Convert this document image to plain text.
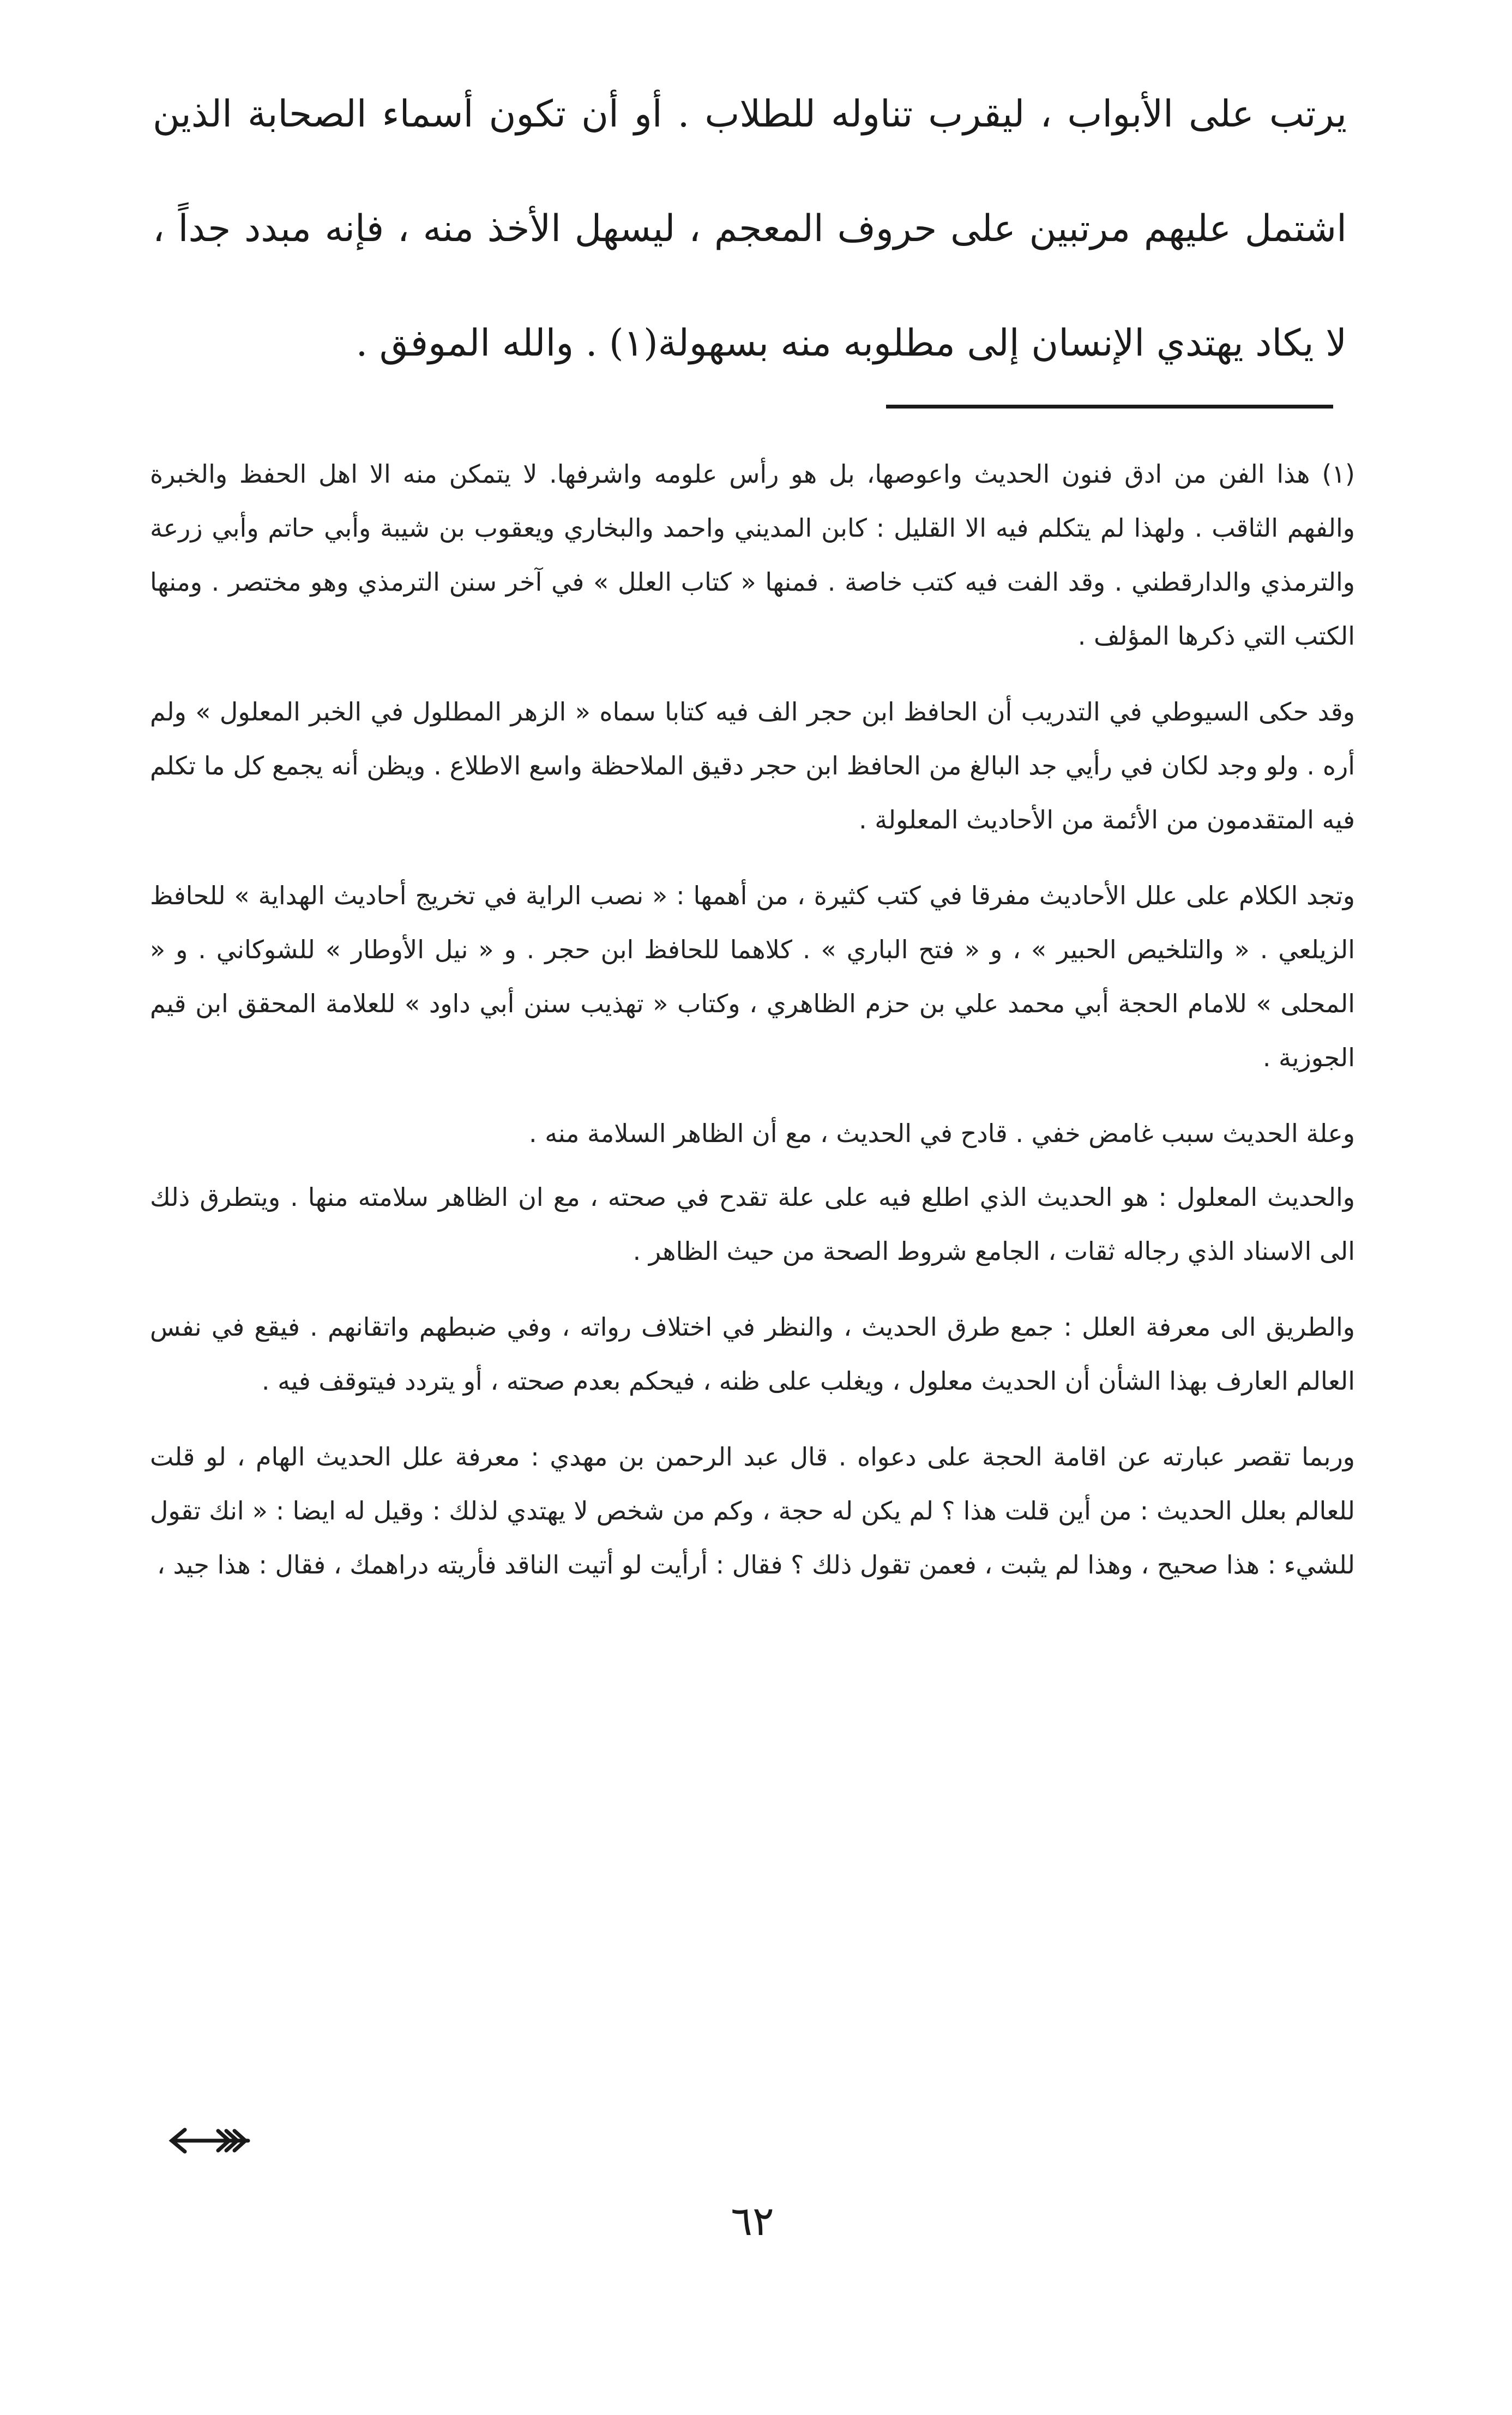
يرتب على الأبواب ، ليقرب تناوله للطلاب . أو أن تكون أسماء الصحابة الذين اشتمل عليهم مرتبين على حروف المعجم ، ليسهل الأخذ منه ، فإنه مبدد جداً ، لا يكاد يهتدي الإنسان إلى مطلوبه منه بسهولة(١) . والله الموفق .

(١) هذا الفن من ادق فنون الحديث واعوصها، بل هو رأس علومه واشرفها. لا يتمكن منه الا اهل الحفظ والخبرة والفهم الثاقب . ولهذا لم يتكلم فيه الا القليل : كابن المديني واحمد والبخاري ويعقوب بن شيبة وأبي حاتم وأبي زرعة والترمذي والدارقطني . وقد الفت فيه كتب خاصة . فمنها « كتاب العلل » في آخر سنن الترمذي وهو مختصر . ومنها الكتب التي ذكرها المؤلف .

وقد حكى السيوطي في التدريب أن الحافظ ابن حجر الف فيه كتابا سماه « الزهر المطلول في الخبر المعلول » ولم أره . ولو وجد لكان في رأيي جد البالغ من الحافظ ابن حجر دقيق الملاحظة واسع الاطلاع . ويظن أنه يجمع كل ما تكلم فيه المتقدمون من الأئمة من الأحاديث المعلولة .

وتجد الكلام على علل الأحاديث مفرقا في كتب كثيرة ، من أهمها : « نصب الراية في تخريج أحاديث الهداية » للحافظ الزيلعي . « والتلخيص الحبير » ، و « فتح الباري » . كلاهما للحافظ ابن حجر . و « نيل الأوطار » للشوكاني . و « المحلى » للامام الحجة أبي محمد علي بن حزم الظاهري ، وكتاب « تهذيب سنن أبي داود » للعلامة المحقق ابن قيم الجوزية .

وعلة الحديث سبب غامض خفي . قادح في الحديث ، مع أن الظاهر السلامة منه .

والحديث المعلول : هو الحديث الذي اطلع فيه على علة تقدح في صحته ، مع ان الظاهر سلامته منها . ويتطرق ذلك الى الاسناد الذي رجاله ثقات ، الجامع شروط الصحة من حيث الظاهر .

والطريق الى معرفة العلل : جمع طرق الحديث ، والنظر في اختلاف رواته ، وفي ضبطهم واتقانهم . فيقع في نفس العالم العارف بهذا الشأن أن الحديث معلول ، ويغلب على ظنه ، فيحكم بعدم صحته ، أو يتردد فيتوقف فيه .

وربما تقصر عبارته عن اقامة الحجة على دعواه . قال عبد الرحمن بن مهدي : معرفة علل الحديث الهام ، لو قلت للعالم بعلل الحديث : من أين قلت هذا ؟ لم يكن له حجة ، وكم من شخص لا يهتدي لذلك : وقيل له ايضا : « انك تقول للشيء : هذا صحيح ، وهذا لم يثبت ، فعمن تقول ذلك ؟ فقال : أرأيت لو أتيت الناقد فأريته دراهمك ، فقال : هذا جيد ،

٦٢
